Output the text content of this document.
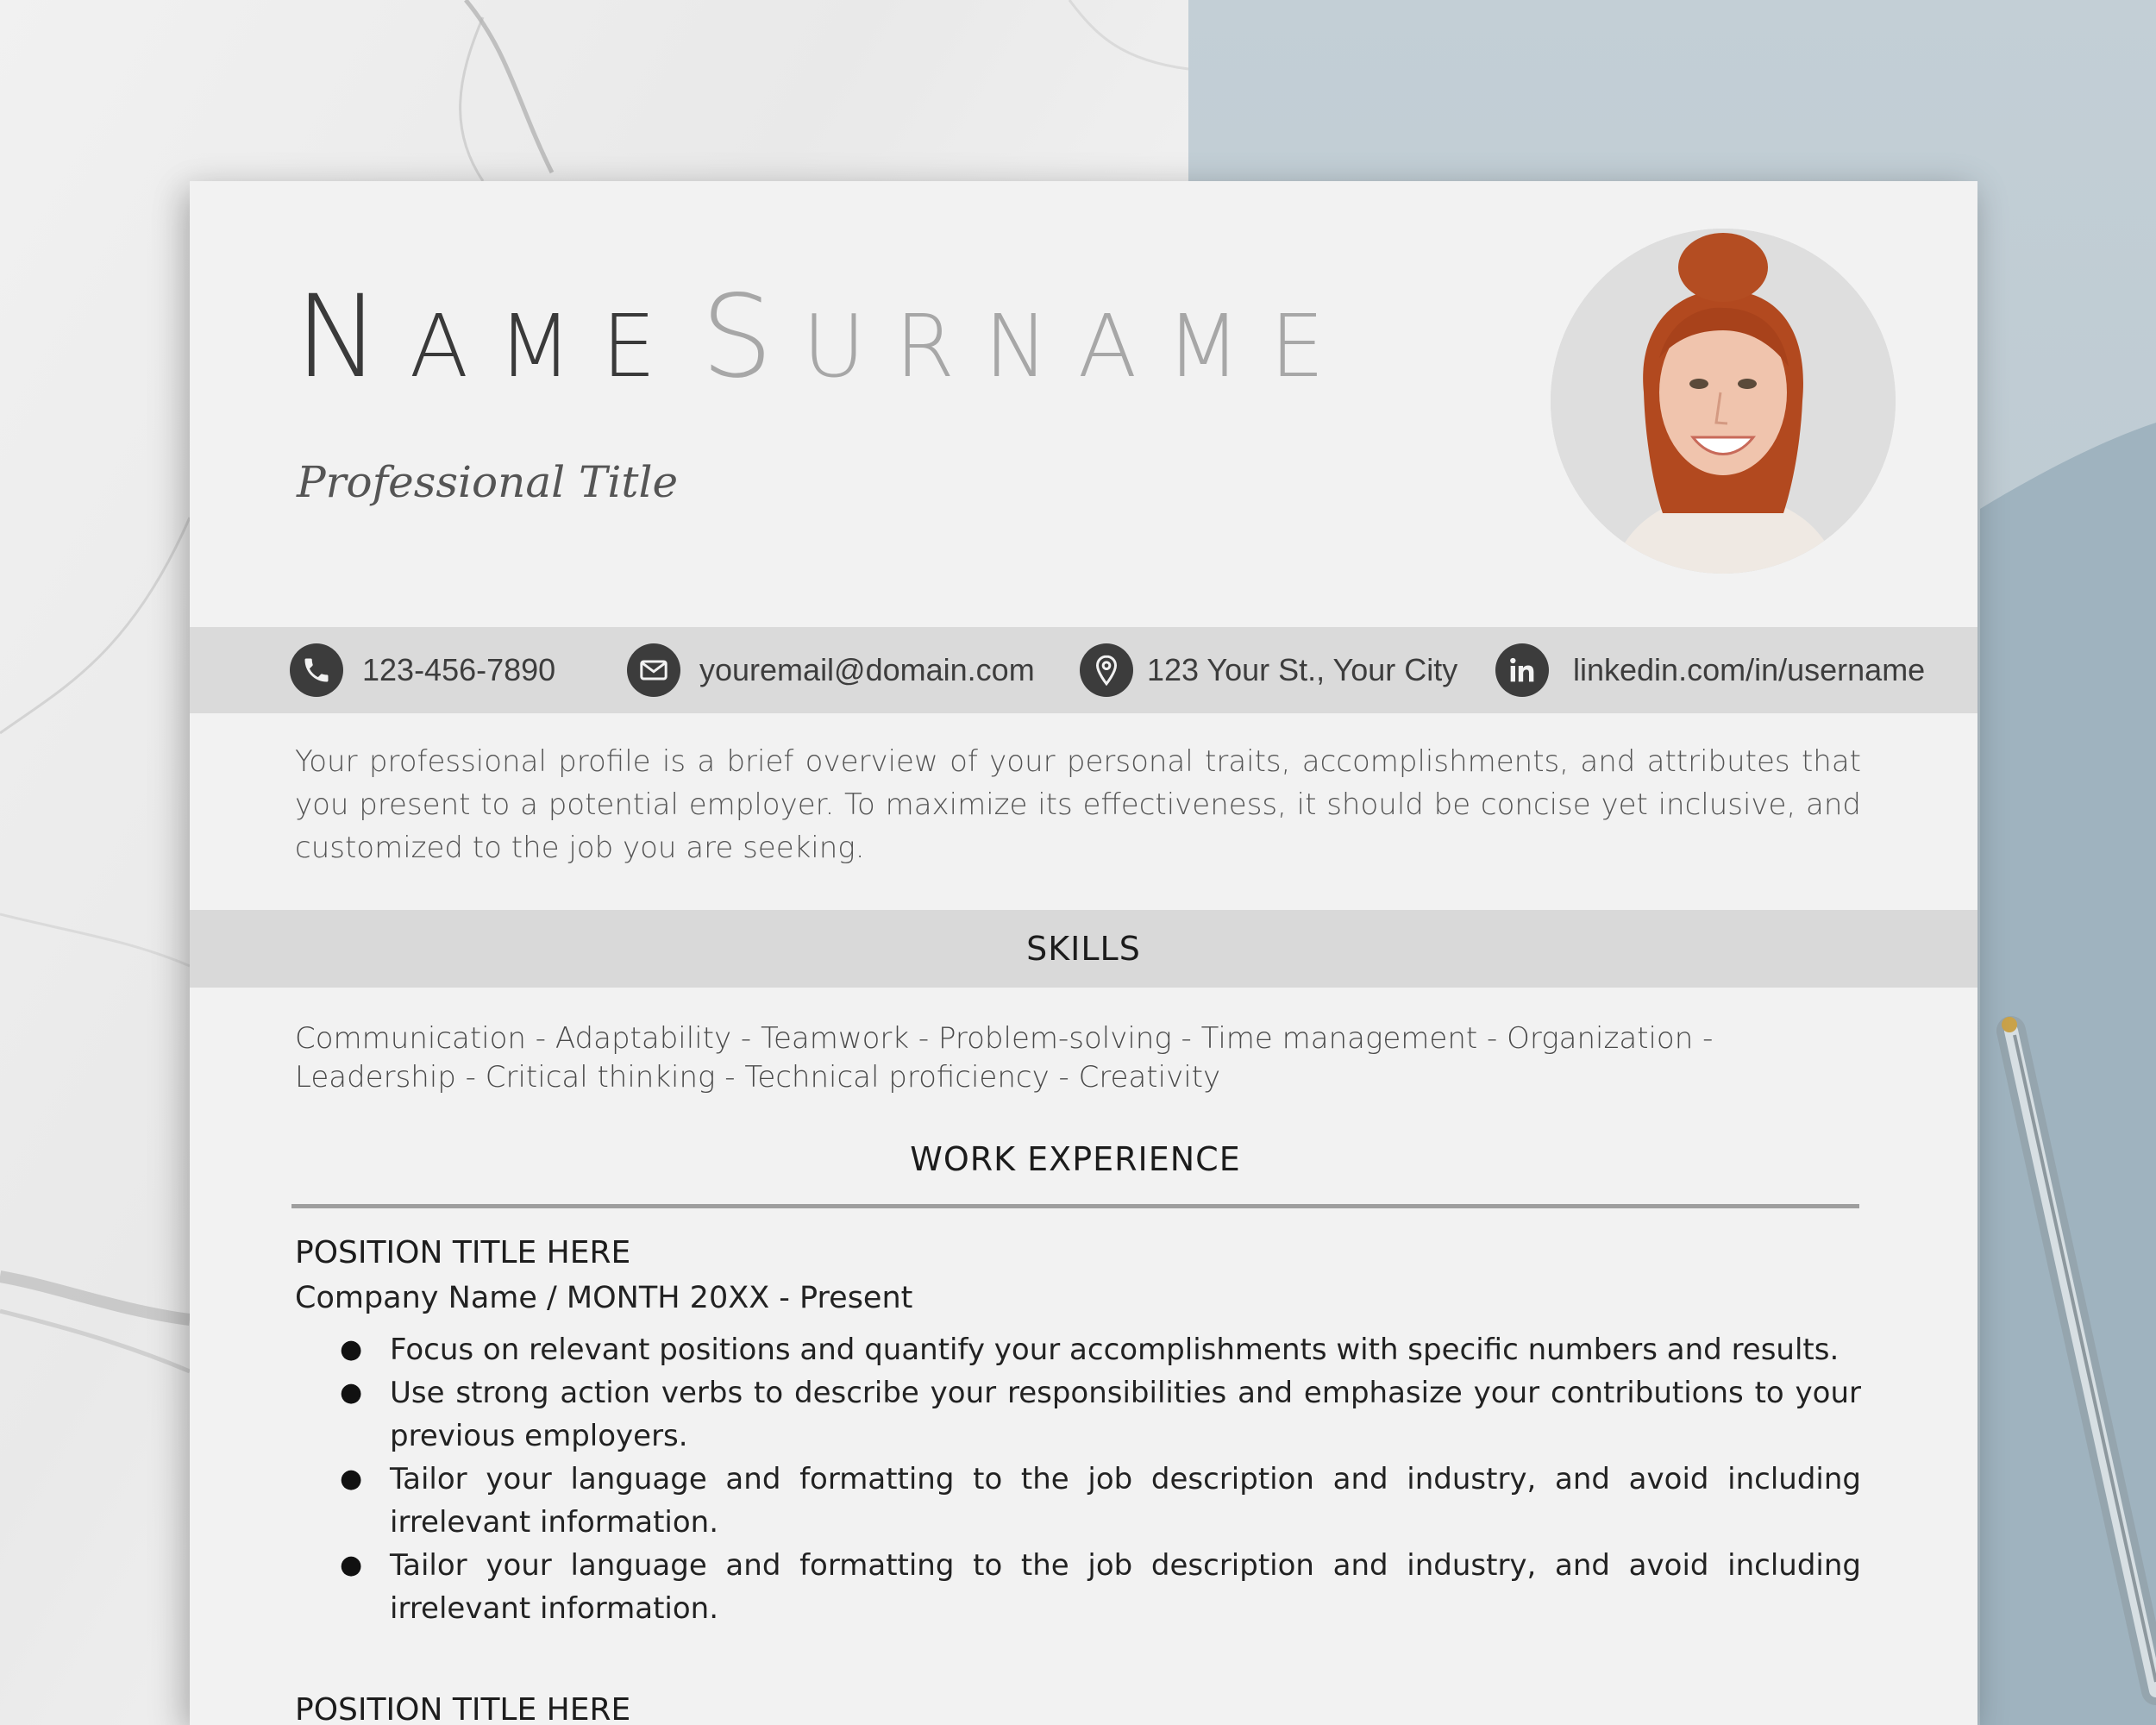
NAME SURNAME
Professional Title
123-456-7890	youremail@domain.com	123 Your St., Your City	linkedin.com/in/username
Your professional profile is a brief overview of your personal traits, accomplishments, and attributes that you present to a potential employer. To maximize its effectiveness, it should be concise yet inclusive, and customized to the job you are seeking.
SKILLS
Communication - Adaptability - Teamwork - Problem-solving - Time management - Organization - Leadership - Critical thinking - Technical proficiency - Creativity
WORK EXPERIENCE
POSITION TITLE HERE
Company Name / MONTH 20XX - Present
● Focus on relevant positions and quantify your accomplishments with specific numbers and results.
● Use strong action verbs to describe your responsibilities and emphasize your contributions to your previous employers.
● Tailor your language and formatting to the job description and industry, and avoid including irrelevant information.
● Tailor your language and formatting to the job description and industry, and avoid including irrelevant information.
POSITION TITLE HERE
